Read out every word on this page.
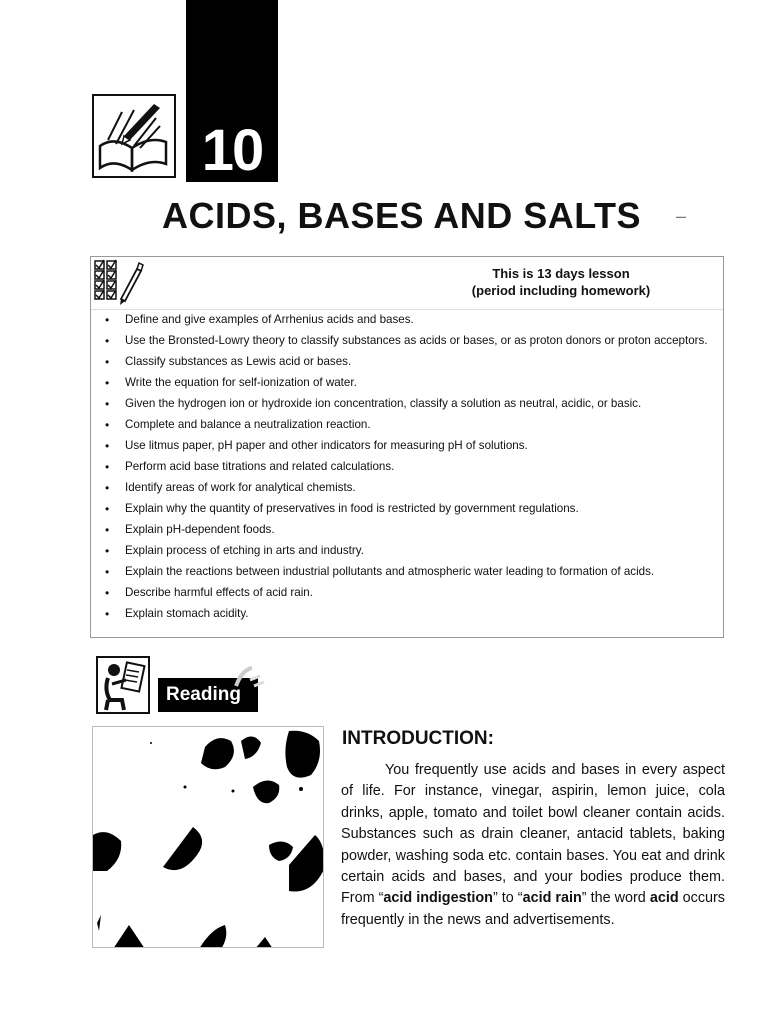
10
ACIDS, BASES AND SALTS –
This is 13 days lesson
(period including homework)
• Define and give examples of Arrhenius acids and bases.
• Use the Bronsted-Lowry theory to classify substances as acids or bases, or as proton donors or proton acceptors.
• Classify substances as Lewis acid or bases.
• Write the equation for self-ionization of water.
• Given the hydrogen ion or hydroxide ion concentration, classify a solution as neutral, acidic, or basic.
• Complete and balance a neutralization reaction.
• Use litmus paper, pH paper and other indicators for measuring pH of solutions.
• Perform acid base titrations and related calculations.
• Identify areas of work for analytical chemists.
• Explain why the quantity of preservatives in food is restricted by government regulations.
• Explain pH-dependent foods.
• Explain process of etching in arts and industry.
• Explain the reactions between industrial pollutants and atmospheric water leading to formation of acids.
• Describe harmful effects of acid rain.
• Explain stomach acidity.
Reading
INTRODUCTION:

You frequently use acids and bases in every aspect of life. For instance, vinegar, aspirin, lemon juice, cola drinks, apple, tomato and toilet bowl cleaner contain acids. Substances such as drain cleaner, antacid tablets, baking powder, washing soda etc. contain bases. You eat and drink certain acids and bases, and your bodies produce them. From “acid indigestion” to “acid rain” the word acid occurs frequently in the news and advertisements.
